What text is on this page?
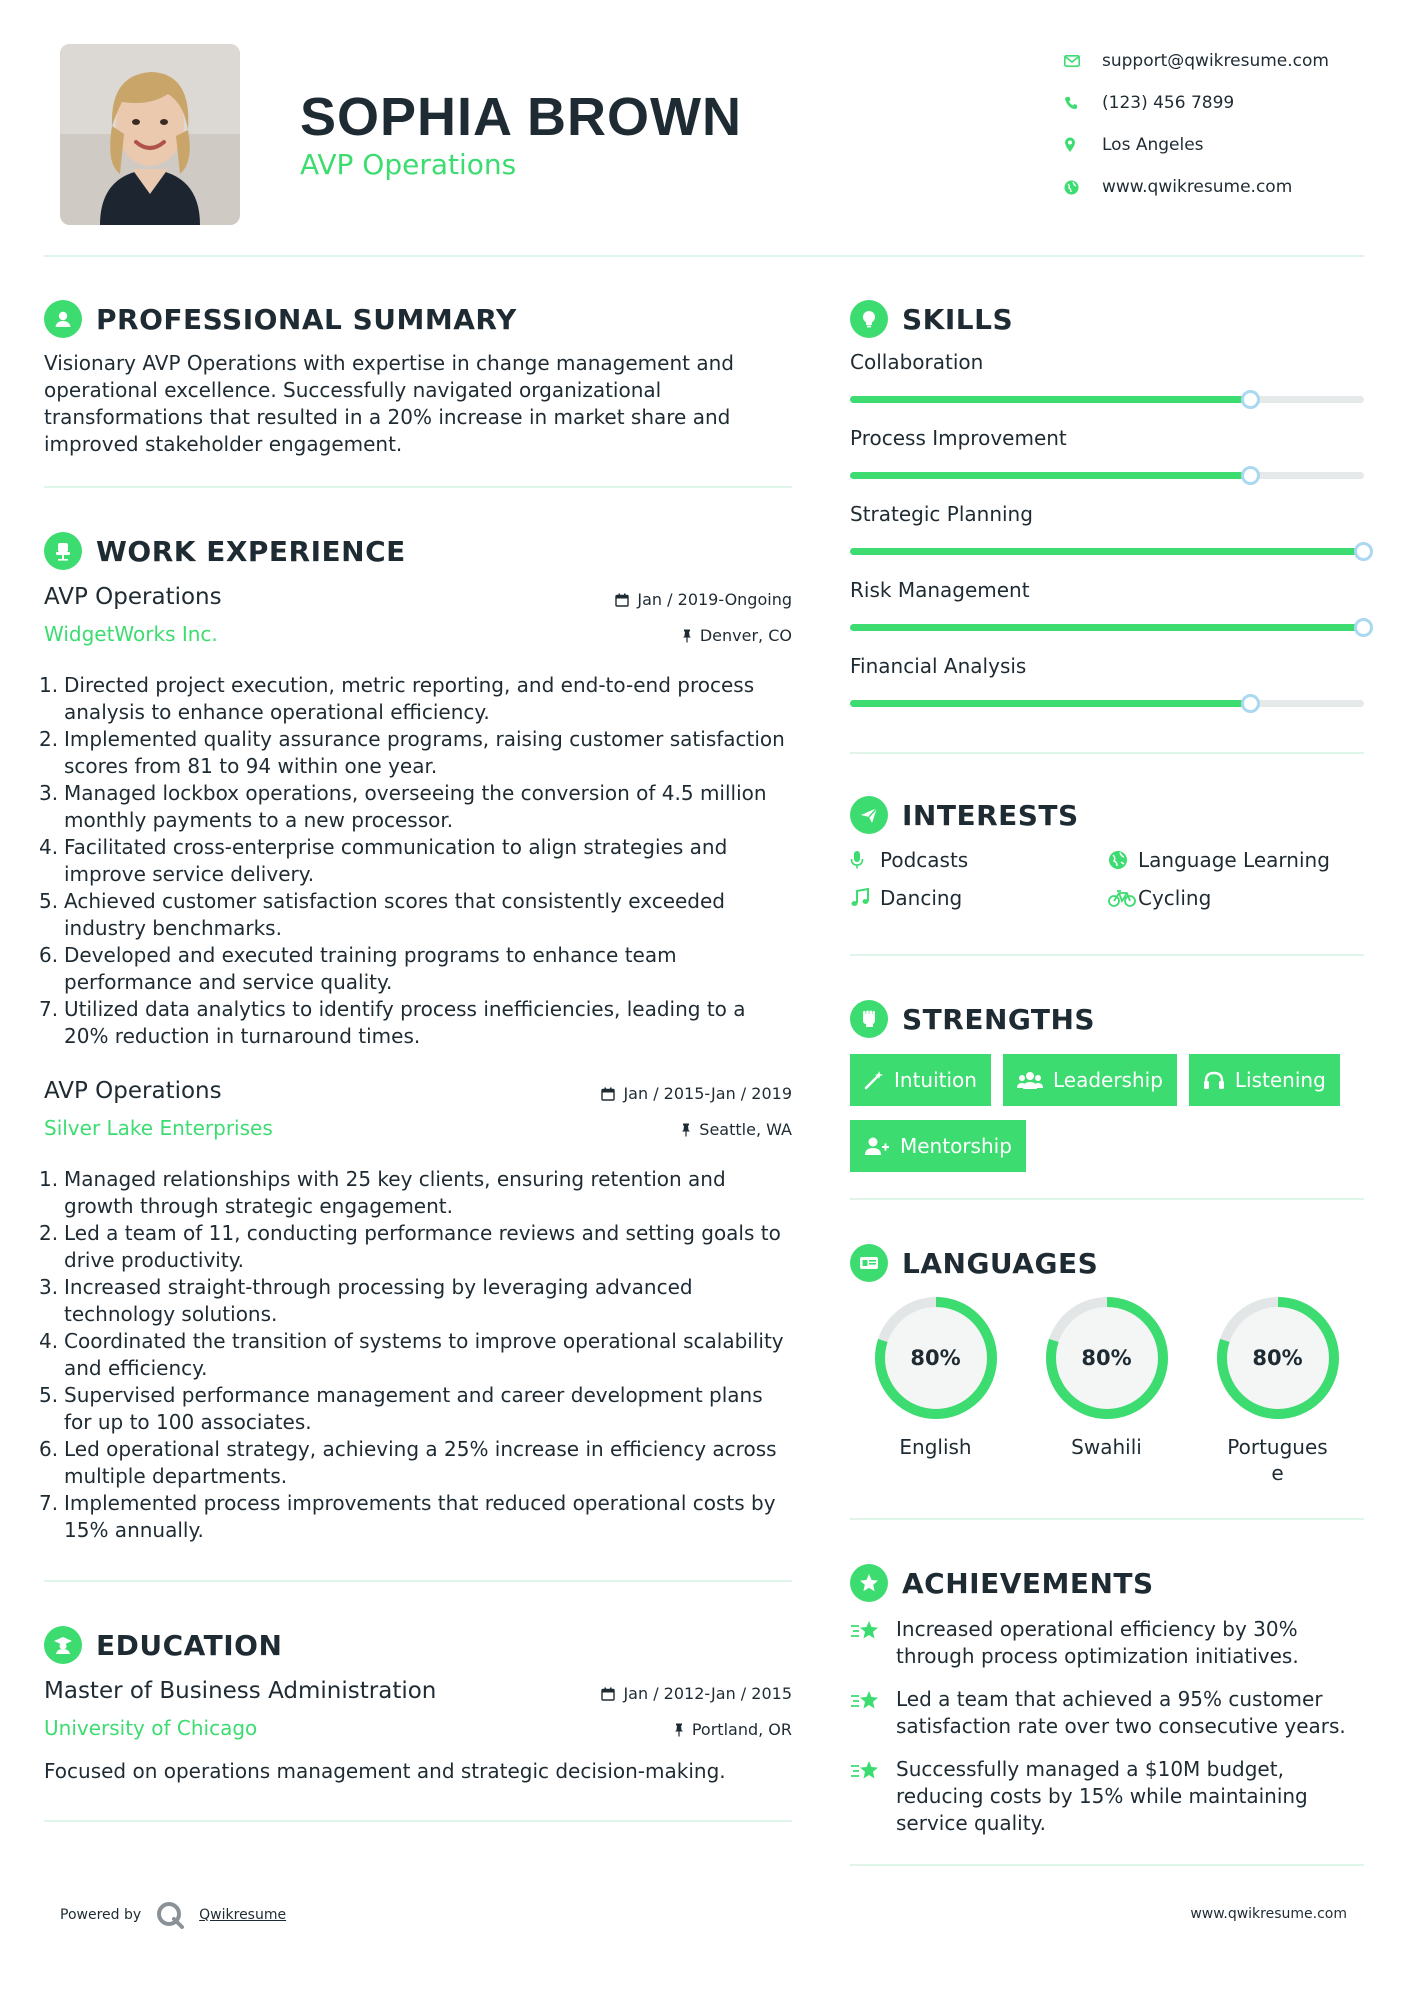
SOPHIA BROWN
AVP Operations
support@qwikresume.com
(123) 456 7899
Los Angeles
www.qwikresume.com
PROFESSIONAL SUMMARY

Visionary AVP Operations with expertise in change management and operational excellence. Successfully navigated organizational transformations that resulted in a 20% increase in market share and improved stakeholder engagement.

WORK EXPERIENCE
AVP Operations
WidgetWorks Inc.
Jan / 2019-Ongoing
Denver, CO
1. Directed project execution, metric reporting, and end-to-end process analysis to enhance operational efficiency.
2. Implemented quality assurance programs, raising customer satisfaction scores from 81 to 94 within one year.
3. Managed lockbox operations, overseeing the conversion of 4.5 million monthly payments to a new processor.
4. Facilitated cross-enterprise communication to align strategies and improve service delivery.
5. Achieved customer satisfaction scores that consistently exceeded industry benchmarks.
6. Developed and executed training programs to enhance team performance and service quality.
7. Utilized data analytics to identify process inefficiencies, leading to a 20% reduction in turnaround times.
AVP Operations
Silver Lake Enterprises
Jan / 2015-Jan / 2019
Seattle, WA
1. Managed relationships with 25 key clients, ensuring retention and growth through strategic engagement.
2. Led a team of 11, conducting performance reviews and setting goals to drive productivity.
3. Increased straight-through processing by leveraging advanced technology solutions.
4. Coordinated the transition of systems to improve operational scalability and efficiency.
5. Supervised performance management and career development plans for up to 100 associates.
6. Led operational strategy, achieving a 25% increase in efficiency across multiple departments.
7. Implemented process improvements that reduced operational costs by 15% annually.
EDUCATION
Master of Business Administration
University of Chicago
Jan / 2012-Jan / 2015
Portland, OR

Focused on operations management and strategic decision-making.

SKILLS
Collaboration
Process Improvement
Strategic Planning
Risk Management
Financial Analysis
INTERESTS
Podcasts	Language Learning
Dancing	Cycling
STRENGTHS
Intuition	Leadership	Listening
Mentorship
LANGUAGES
80%
English
80%
Swahili
80%
Portugues
e
ACHIEVEMENTS
Increased operational efficiency by 30% through process optimization initiatives.
Led a team that achieved a 95% customer satisfaction rate over two consecutive years.
Successfully managed a $10M budget, reducing costs by 15% while maintaining service quality.
Powered by	Qwikresume	www.qwikresume.com
